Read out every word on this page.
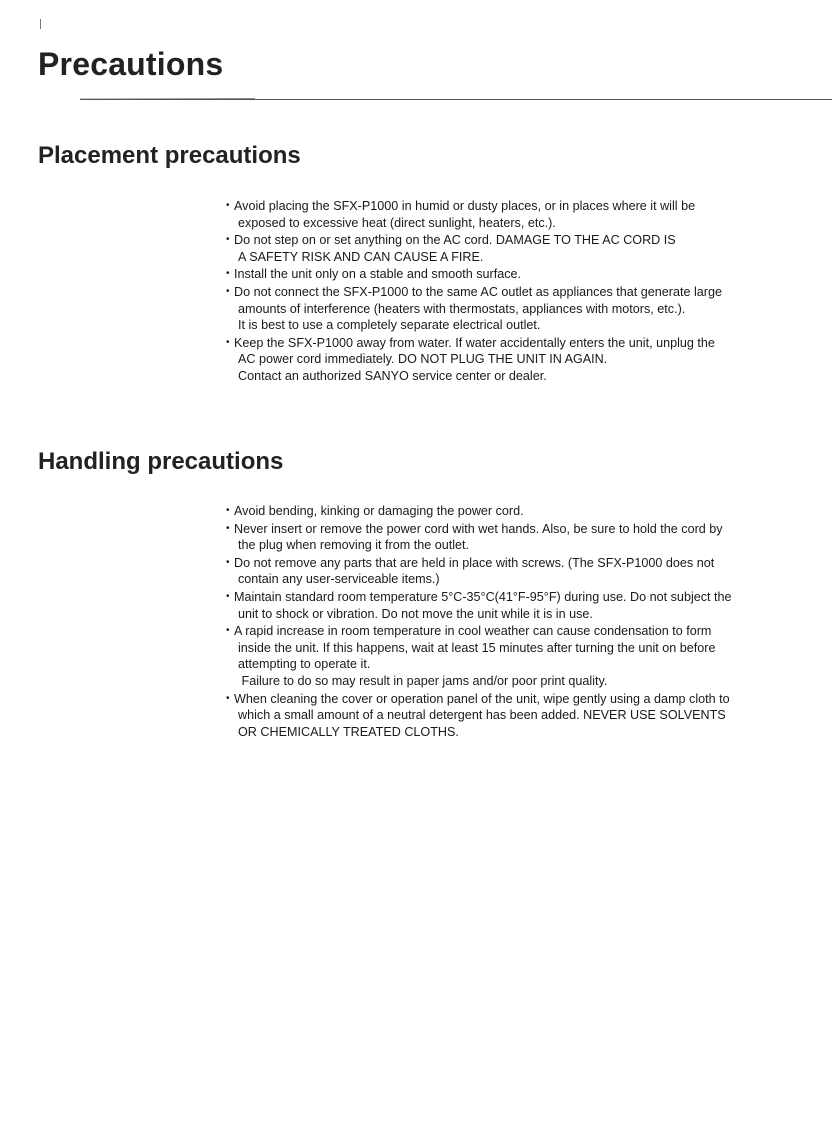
Precautions
Placement precautions
• Avoid placing the SFX-P1000 in humid or dusty places, or in places where it will be
exposed to excessive heat (direct sunlight, heaters, etc.).
• Do not step on or set anything on the AC cord. DAMAGE TO THE AC CORD IS
A SAFETY RISK AND CAN CAUSE A FIRE.
• Install the unit only on a stable and smooth surface.
• Do not connect the SFX-P1000 to the same AC outlet as appliances that generate large
amounts of interference (heaters with thermostats, appliances with motors, etc.).
It is best to use a completely separate electrical outlet.
• Keep the SFX-P1000 away from water. If water accidentally enters the unit, unplug the
AC power cord immediately. DO NOT PLUG THE UNIT IN AGAIN.
Contact an authorized SANYO service center or dealer.
Handling precautions
• Avoid bending, kinking or damaging the power cord.
• Never insert or remove the power cord with wet hands. Also, be sure to hold the cord by
the plug when removing it from the outlet.
• Do not remove any parts that are held in place with screws. (The SFX-P1000 does not
contain any user-serviceable items.)
• Maintain standard room temperature 5°C-35°C(41°F-95°F) during use. Do not subject the
unit to shock or vibration. Do not move the unit while it is in use.
• A rapid increase in room temperature in cool weather can cause condensation to form
inside the unit. If this happens, wait at least 15 minutes after turning the unit on before
attempting to operate it.
Failure to do so may result in paper jams and/or poor print quality.
• When cleaning the cover or operation panel of the unit, wipe gently using a damp cloth to
which a small amount of a neutral detergent has been added. NEVER USE SOLVENTS
OR CHEMICALLY TREATED CLOTHS.
